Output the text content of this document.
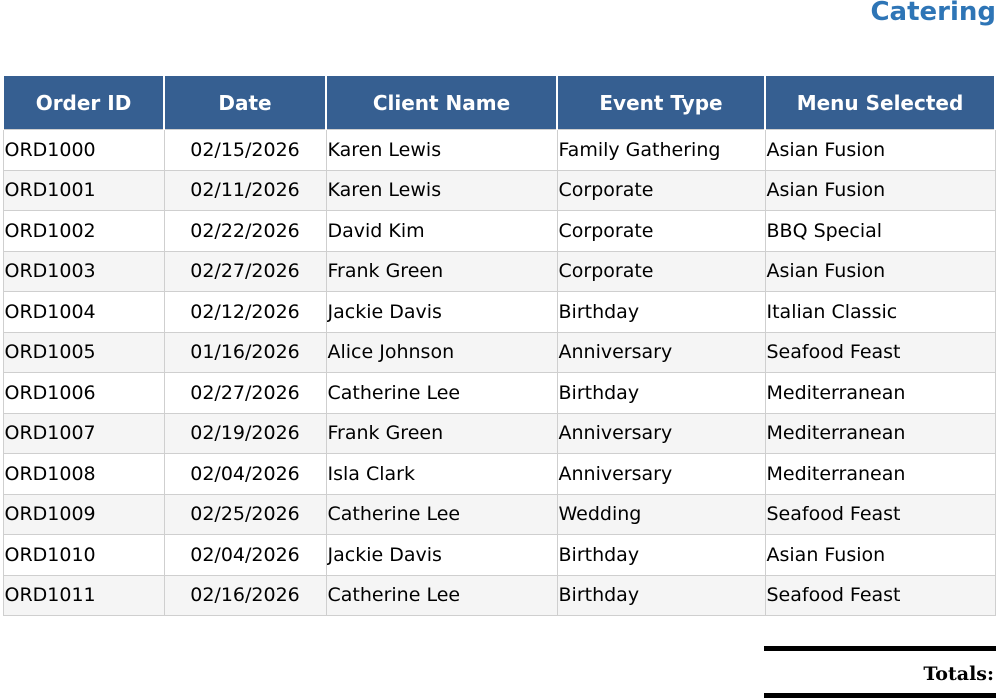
Catering
Order ID	Date	Client Name	Event Type	Menu Selected
ORD1000	02/15/2026	Karen Lewis	Family Gathering	Asian Fusion
ORD1001	02/11/2026	Karen Lewis	Corporate	Asian Fusion
ORD1002	02/22/2026	David Kim	Corporate	BBQ Special
ORD1003	02/27/2026	Frank Green	Corporate	Asian Fusion
ORD1004	02/12/2026	Jackie Davis	Birthday	Italian Classic
ORD1005	01/16/2026	Alice Johnson	Anniversary	Seafood Feast
ORD1006	02/27/2026	Catherine Lee	Birthday	Mediterranean
ORD1007	02/19/2026	Frank Green	Anniversary	Mediterranean
ORD1008	02/04/2026	Isla Clark	Anniversary	Mediterranean
ORD1009	02/25/2026	Catherine Lee	Wedding	Seafood Feast
ORD1010	02/04/2026	Jackie Davis	Birthday	Asian Fusion
ORD1011	02/16/2026	Catherine Lee	Birthday	Seafood Feast
Totals:
